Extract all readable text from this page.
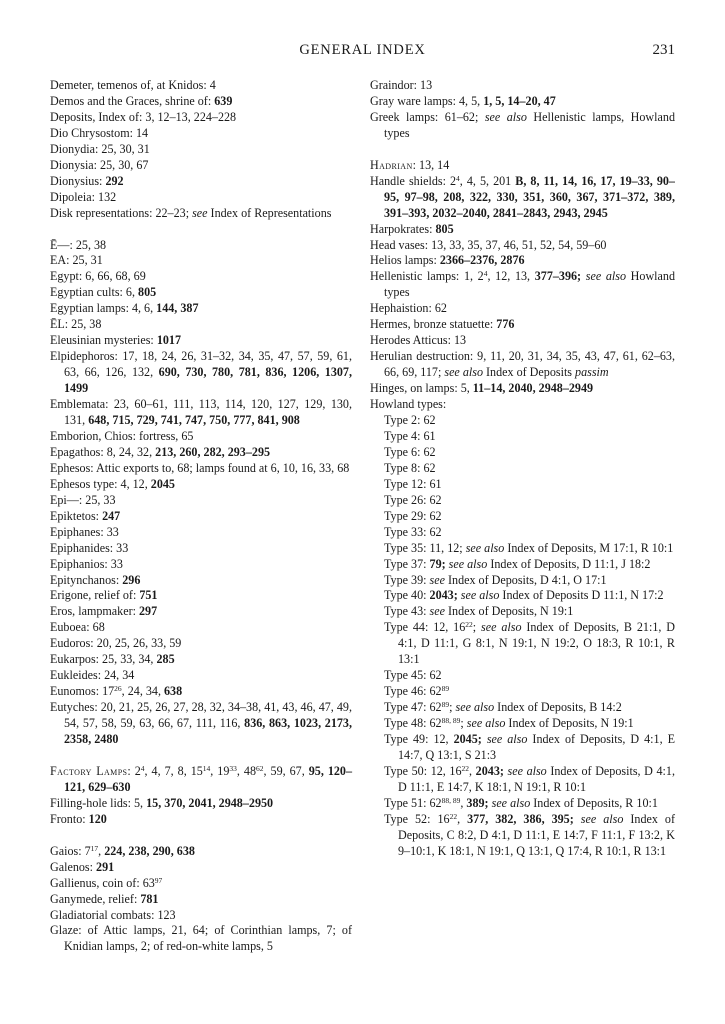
GENERAL INDEX	231
Demeter, temenos of, at Knidos: 4
Demos and the Graces, shrine of: 639
Deposits, Index of: 3, 12–13, 224–228
Dio Chrysostom: 14
Dionydia: 25, 30, 31
Dionysia: 25, 30, 67
Dionysius: 292
Dipoleia: 132
Disk representations: 22–23; see Index of Representations
Ē—: 25, 38
EA: 25, 31
Egypt: 6, 66, 68, 69
Egyptian cults: 6, 805
Egyptian lamps: 4, 6, 144, 387
ĒL: 25, 38
Eleusinian mysteries: 1017
Elpidephoros: 17, 18, 24, 26, 31–32, 34, 35, 47, 57, 59, 61, 63, 66, 126, 132, 690, 730, 780, 781, 836, 1206, 1307, 1499
Emblemata: 23, 60–61, 111, 113, 114, 120, 127, 129, 130, 131, 648, 715, 729, 741, 747, 750, 777, 841, 908
Emborion, Chios: fortress, 65
Epagathos: 8, 24, 32, 213, 260, 282, 293–295
Ephesos: Attic exports to, 68; lamps found at 6, 10, 16, 33, 68
Ephesos type: 4, 12, 2045
Epi—: 25, 33
Epiktetos: 247
Epiphanes: 33
Epiphanides: 33
Epiphanios: 33
Epitynchanos: 296
Erigone, relief of: 751
Eros, lampmaker: 297
Euboea: 68
Eudoros: 20, 25, 26, 33, 59
Eukarpos: 25, 33, 34, 285
Eukleides: 24, 34
Eunomos: $17^{26}$, 24, 34, 638
Eutyches: 20, 21, 25, 26, 27, 28, 32, 34–38, 41, 43, 46, 47, 49, 54, 57, 58, 59, 63, 66, 67, 111, 116, 836, 863, 1023, 2173, 2358, 2480
Factory Lamps: $2^4$, 4, 7, 8, $15^{14}$, $19^{33}$, $48^{62}$, 59, 67, 95, 120–121, 629–630
Filling-hole lids: 5, 15, 370, 2041, 2948–2950
Fronto: 120
Gaios: $7^{17}$, 224, 238, 290, 638
Galenos: 291
Gallienus, coin of: $63^{97}$
Ganymede, relief: 781
Gladiatorial combats: 123
Glaze: of Attic lamps, 21, 64; of Corinthian lamps, 7; of Knidian lamps, 2; of red-on-white lamps, 5
Graindor: 13
Gray ware lamps: 4, 5, 1, 5, 14–20, 47
Greek lamps: 61–62; see also Hellenistic lamps, Howland types
Hadrian: 13, 14
Handle shields: $2^4$, 4, 5, 201 B, 8, 11, 14, 16, 17, 19–33, 90–95, 97–98, 208, 322, 330, 351, 360, 367, 371–372, 389, 391–393, 2032–2040, 2841–2843, 2943, 2945
Harpokrates: 805
Head vases: 13, 33, 35, 37, 46, 51, 52, 54, 59–60
Helios lamps: 2366–2376, 2876
Hellenistic lamps: 1, $2^4$, 12, 13, 377–396; see also Howland types
Hephaistion: 62
Hermes, bronze statuette: 776
Herodes Atticus: 13
Herulian destruction: 9, 11, 20, 31, 34, 35, 43, 47, 61, 62–63, 66, 69, 117; see also Index of Deposits passim
Hinges, on lamps: 5, 11–14, 2040, 2948–2949
Howland types:
Type 2: 62
Type 4: 61
Type 6: 62
Type 8: 62
Type 12: 61
Type 26: 62
Type 29: 62
Type 33: 62
Type 35: 11, 12; see also Index of Deposits, M 17:1, R 10:1
Type 37: 79; see also Index of Deposits, D 11:1, J 18:2
Type 39: see Index of Deposits, D 4:1, O 17:1
Type 40: 2043; see also Index of Deposits D 11:1, N 17:2
Type 43: see Index of Deposits, N 19:1
Type 44: 12, $16^{22}$; see also Index of Deposits, B 21:1, D 4:1, D 11:1, G 8:1, N 19:1, N 19:2, O 18:3, R 10:1, R 13:1
Type 45: 62
Type 46: $62^{89}$
Type 47: $62^{89}$; see also Index of Deposits, B 14:2
Type 48: 62$^{88, 89}$; see also Index of Deposits, N 19:1
Type 49: 12, 2045; see also Index of Deposits, D 4:1, E 14:7, Q 13:1, S 21:3
Type 50: 12, $16^{22}$, 2043; see also Index of Deposits, D 4:1, D 11:1, E 14:7, K 18:1, N 19:1, R 10:1
Type 51: 62$^{88, 89}$, 389; see also Index of Deposits, R 10:1
Type 52: $16^{22}$, 377, 382, 386, 395; see also Index of Deposits, C 8:2, D 4:1, D 11:1, E 14:7, F 11:1, F 13:2, K 9–10:1, K 18:1, N 19:1, Q 13:1, Q 17:4, R 10:1, R 13:1
